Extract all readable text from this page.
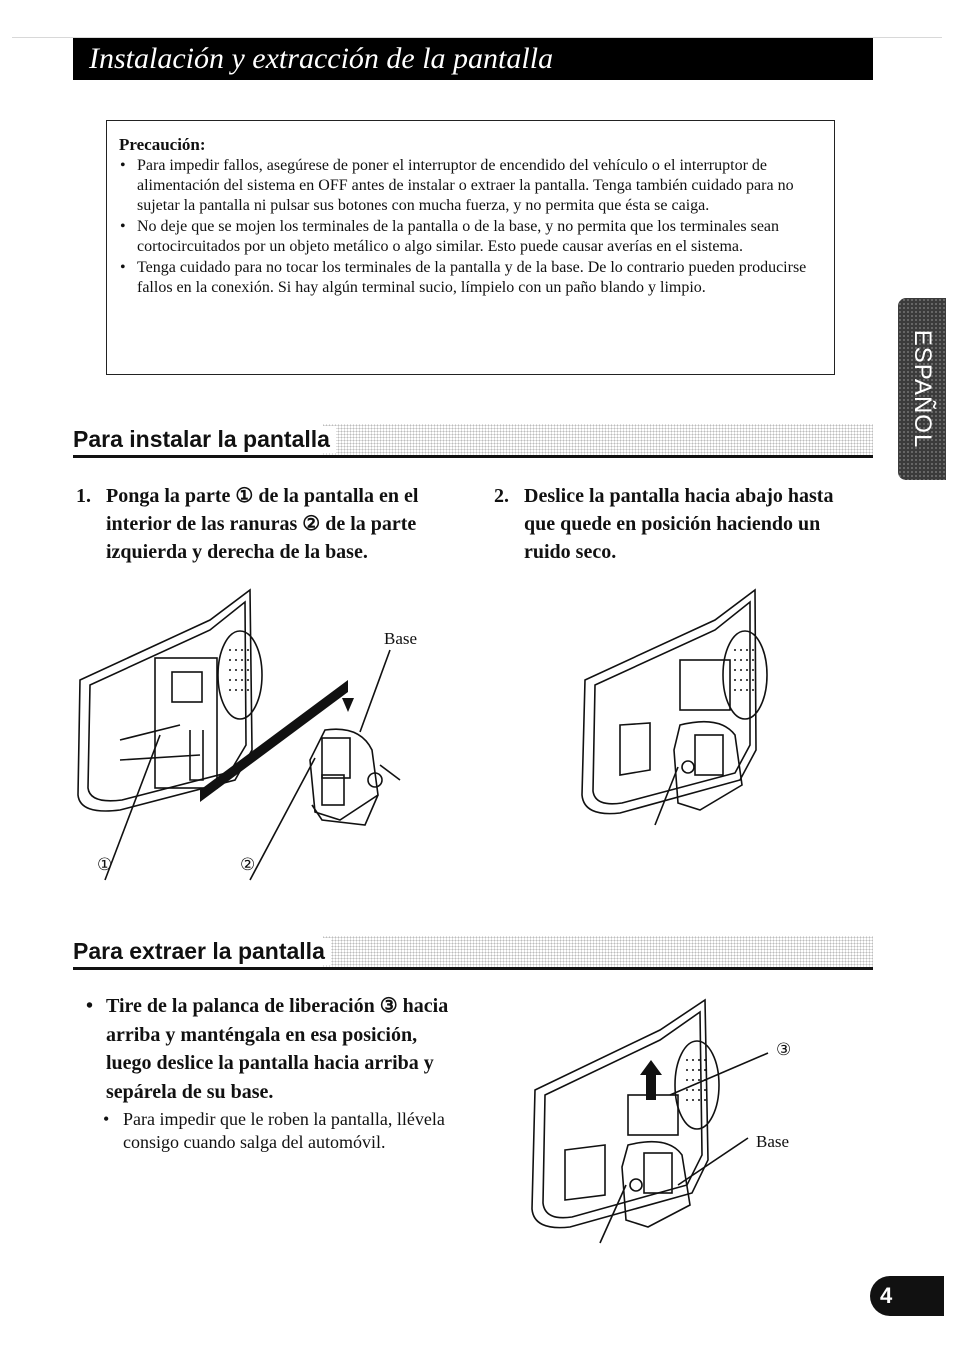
Instalación y extracción de la pantalla
Precaución:
• Para impedir fallos, asegúrese de poner el interruptor de encendido del vehículo o el interruptor de alimentación del sistema en OFF antes de instalar o extraer la pantalla. Tenga también cuidado para no sujetar la pantalla ni pulsar sus botones con mucha fuerza, y no permita que ésta se caiga.
• No deje que se mojen los terminales de la pantalla o de la base, y no permita que los terminales sean cortocircuitados por un objeto metálico o algo similar. Esto puede causar averías en el sistema.
• Tenga cuidado para no tocar los terminales de la pantalla y de la base. De lo contrario pueden producirse fallos en la conexión. Si hay algún terminal sucio, límpielo con un paño blando y limpio.
ESPAÑOL
Para instalar la pantalla
1. Ponga la parte ① de la pantalla en el interior de las ranuras ② de la parte izquierda y derecha de la base.
2. Deslice la pantalla hacia abajo hasta que quede en posición haciendo un ruido seco.
Base
①	②
Para extraer la pantalla
• Tire de la palanca de liberación ③ hacia arriba y manténgala en esa posición, luego deslice la pantalla hacia arriba y sepárela de su base.
• Para impedir que le roben la pantalla, llévela consigo cuando salga del automóvil.
③
Base
4
